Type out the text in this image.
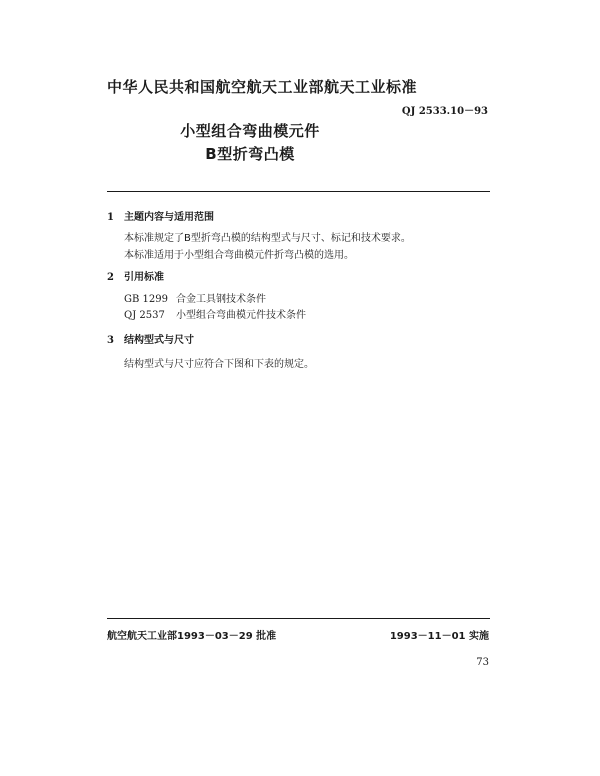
中华人民共和国航空航天工业部航天工业标准
QJ 2533.10－93
小型组合弯曲模元件
B型折弯凸模
1 主题内容与适用范围
本标准规定了B型折弯凸模的结构型式与尺寸、标记和技术要求。
本标准适用于小型组合弯曲模元件折弯凸模的选用。
2 引用标准
GB 1299 合金工具钢技术条件
QJ 2537 小型组合弯曲模元件技术条件
3 结构型式与尺寸
结构型式与尺寸应符合下图和下表的规定。
航空航天工业部1993－03－29 批准	1993－11－01 实施
73
